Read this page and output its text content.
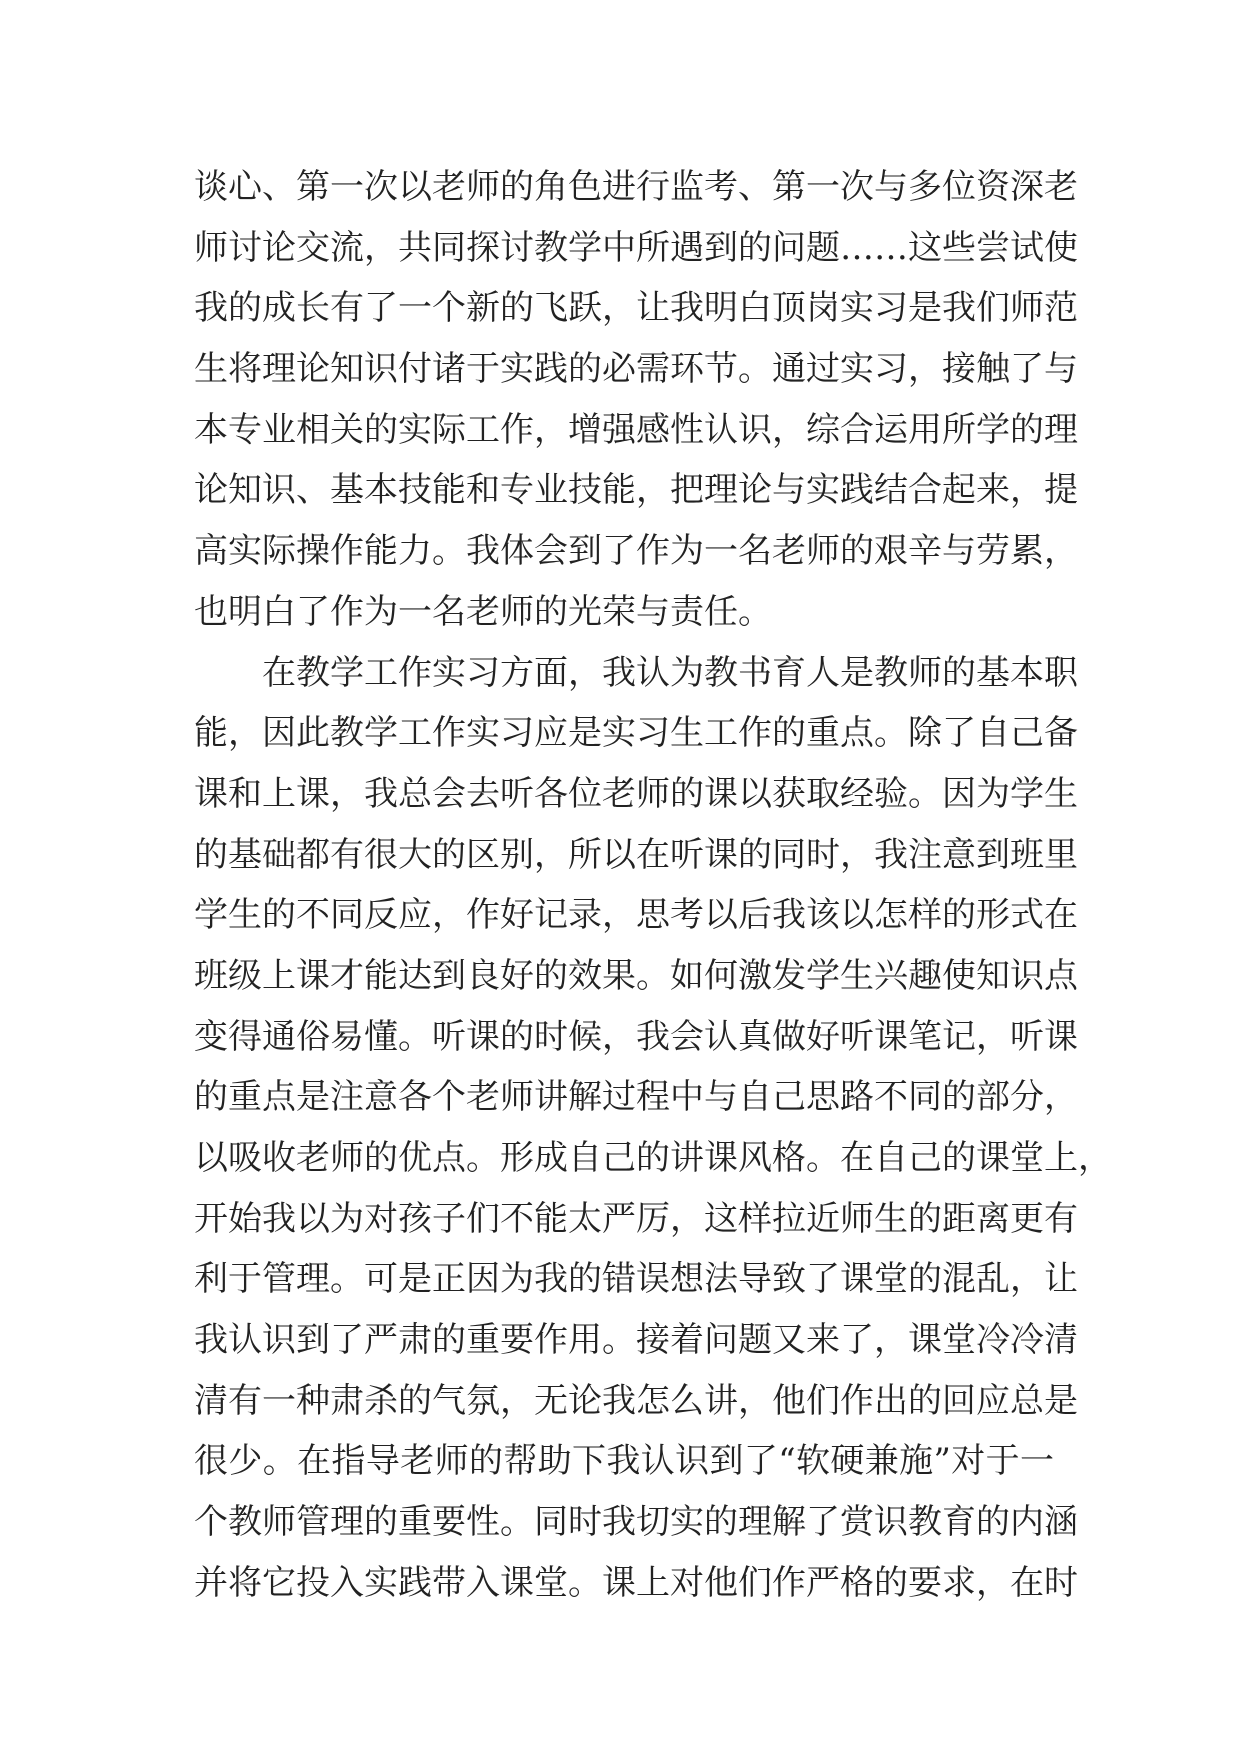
谈心、第一次以老师的角色进行监考、第一次与多位资深老
师讨论交流，共同探讨教学中所遇到的问题……这些尝试使
我的成长有了一个新的飞跃，让我明白顶岗实习是我们师范
生将理论知识付诸于实践的必需环节。通过实习，接触了与
本专业相关的实际工作，增强感性认识，综合运用所学的理
论知识、基本技能和专业技能，把理论与实践结合起来，提
高实际操作能力。我体会到了作为一名老师的艰辛与劳累，
也明白了作为一名老师的光荣与责任。
在教学工作实习方面，我认为教书育人是教师的基本职
能，因此教学工作实习应是实习生工作的重点。除了自己备
课和上课，我总会去听各位老师的课以获取经验。因为学生
的基础都有很大的区别，所以在听课的同时，我注意到班里
学生的不同反应，作好记录，思考以后我该以怎样的形式在
班级上课才能达到良好的效果。如何激发学生兴趣使知识点
变得通俗易懂。听课的时候，我会认真做好听课笔记，听课
的重点是注意各个老师讲解过程中与自己思路不同的部分，
以吸收老师的优点。形成自己的讲课风格。在自己的课堂上，
开始我以为对孩子们不能太严厉，这样拉近师生的距离更有
利于管理。可是正因为我的错误想法导致了课堂的混乱，让
我认识到了严肃的重要作用。接着问题又来了，课堂冷冷清
清有一种肃杀的气氛，无论我怎么讲，他们作出的回应总是
很少。在指导老师的帮助下我认识到了“软硬兼施”对于一
个教师管理的重要性。同时我切实的理解了赏识教育的内涵
并将它投入实践带入课堂。课上对他们作严格的要求，在时
